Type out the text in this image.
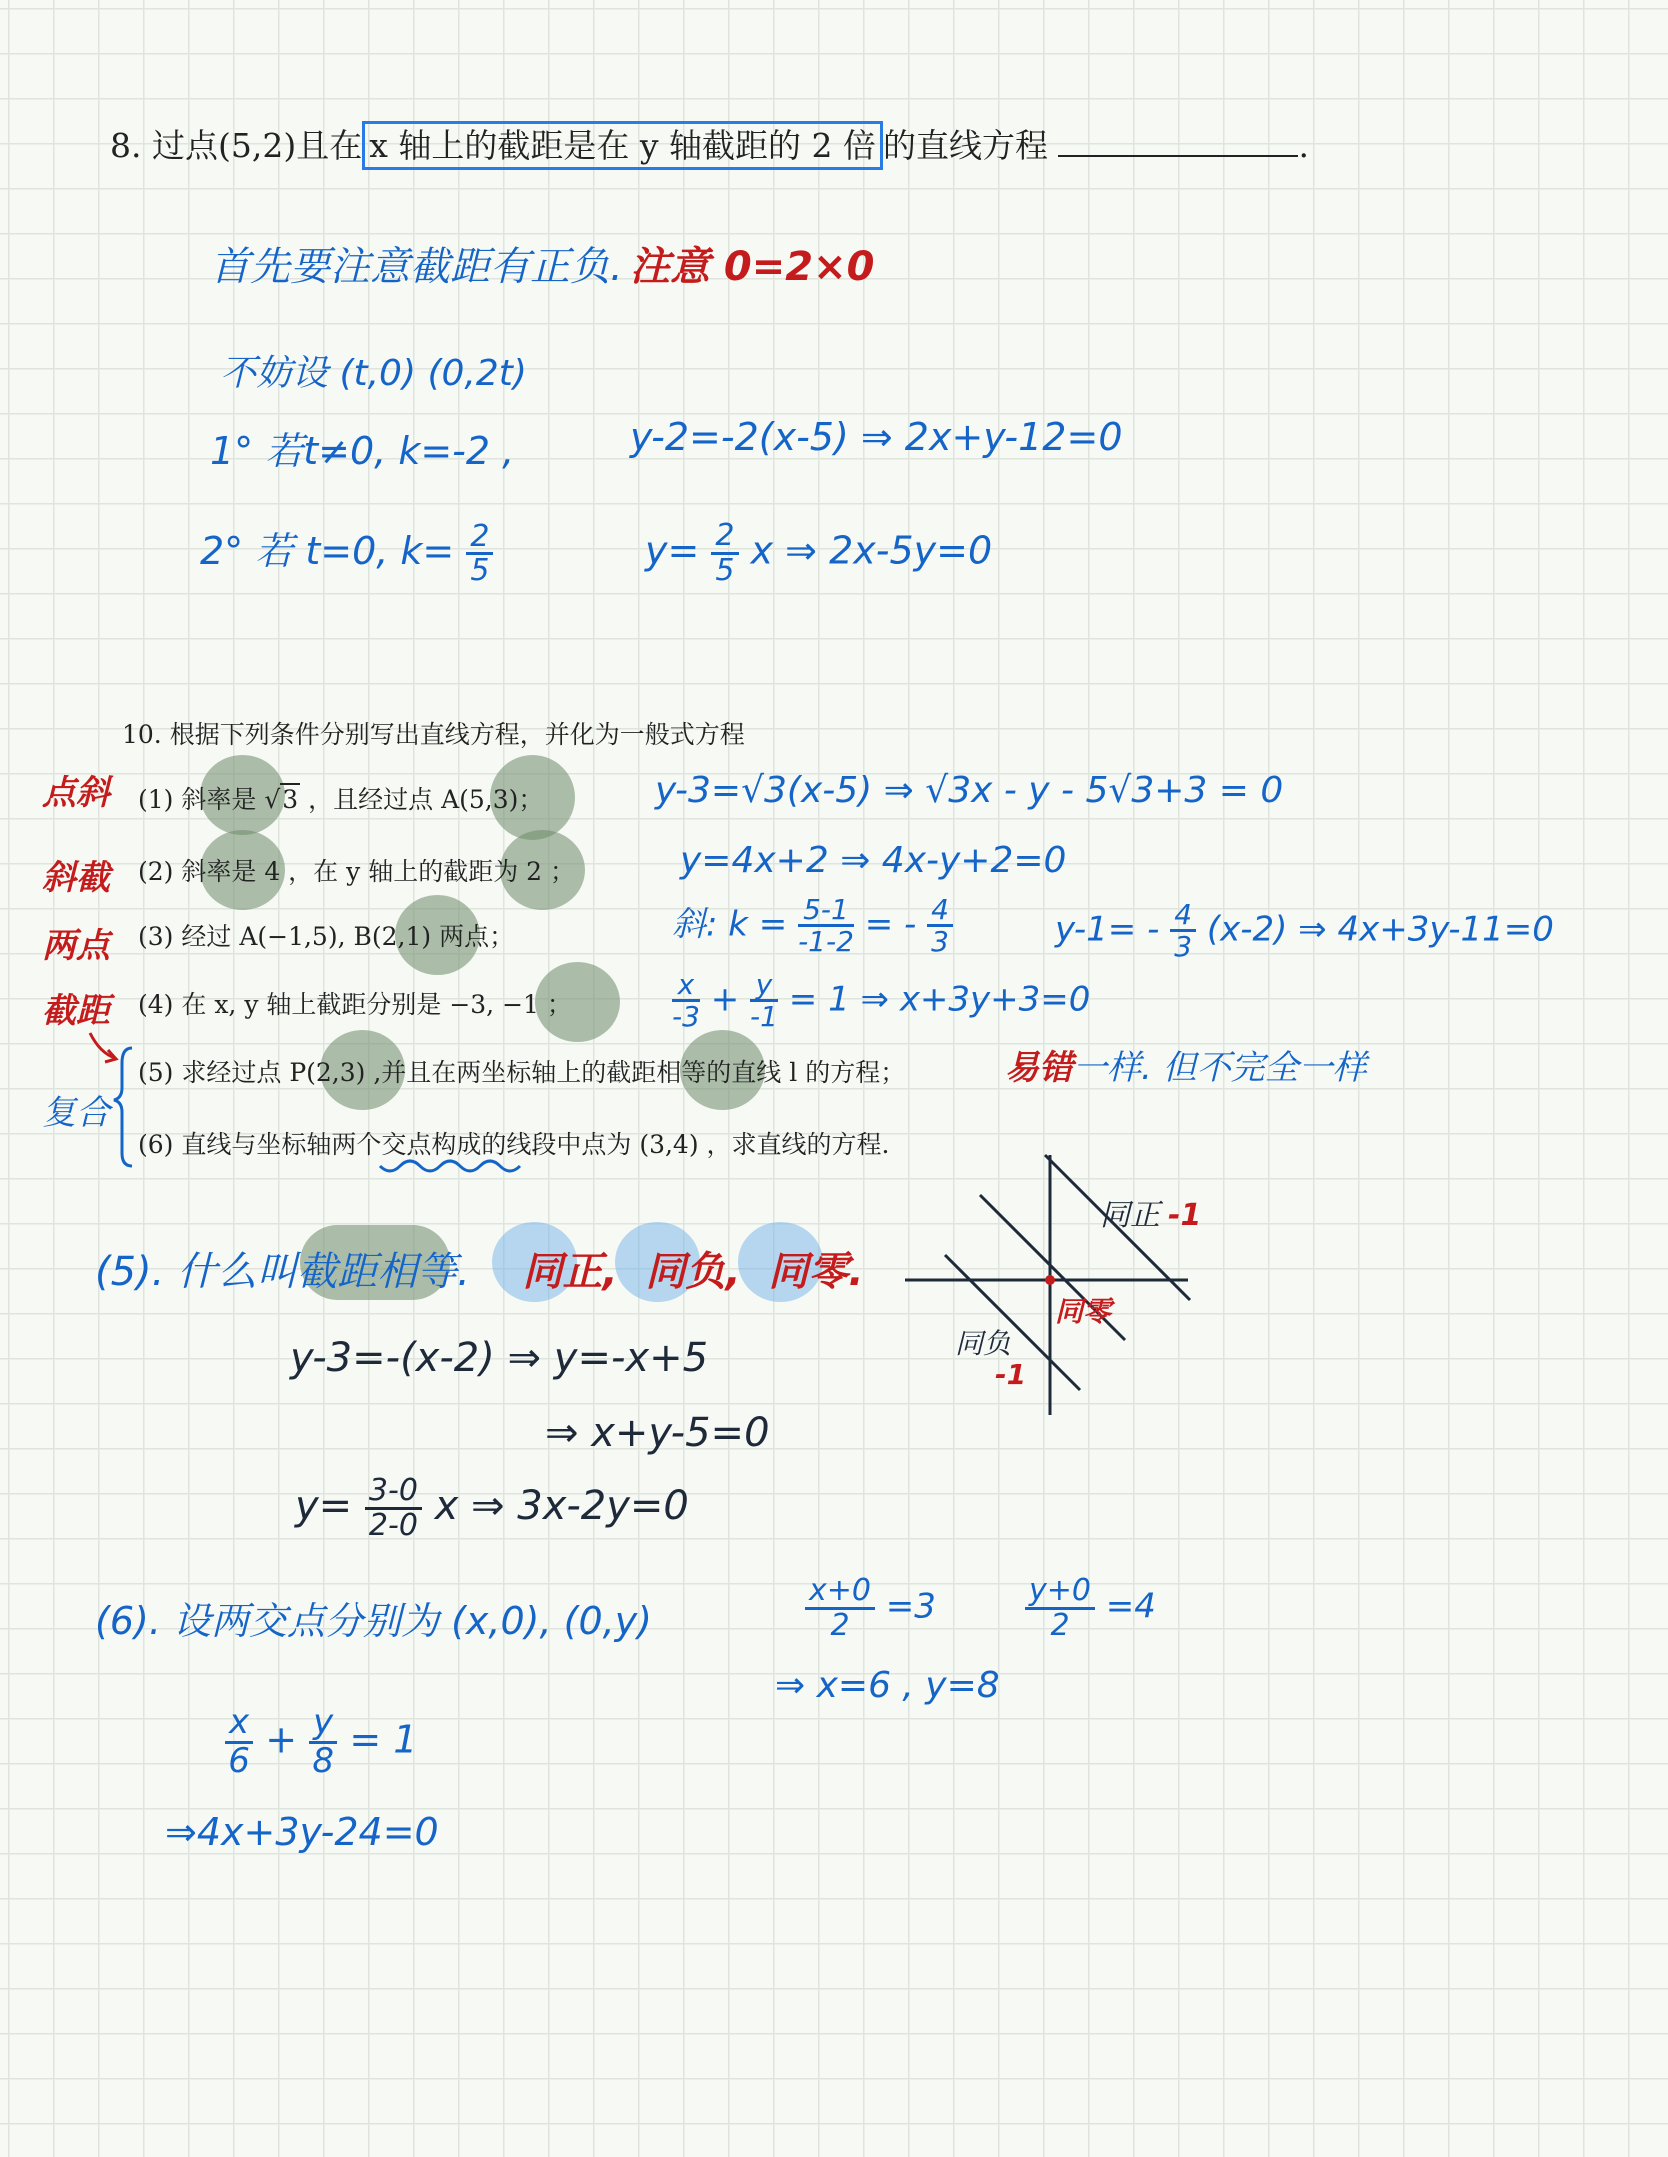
8. 过点(5,2)且在 x 轴上的截距是在 y 轴截距的 2 倍 的直线方程	.
首先要注意截距有正负. 注意 0=2×0
不妨设 (t,0) (0,2t)
1° 若t≠0, k=-2 ,	y-2=-2(x-5) ⇒ 2x+y-12=0
2° 若 t=0, $k= \frac{2}{5}$	$y= \frac{2}{5}$ x ⇒ 2x-5y=0
10. 根据下列条件分别写出直线方程，并化为一般式方程
点斜
斜截
两点
截距
复合
(1) 斜率是 √3 ，且经过点 A(5,3)；
(2) 斜率是 4 ，在 y 轴上的截距为 2 ；
(3) 经过 A(−1,5), B(2,1) 两点；
(4) 在 x, y 轴上截距分别是 −3, −1 ；
(5) 求经过点 P(2,3) ,并且在两坐标轴上的截距相等的直线 l 的方程；
(6) 直线与坐标轴两个交点构成的线段中点为 (3,4) ，求直线的方程.
y-3=√3(x-5) ⇒ √3x - y - 5√3+3 = 0
y=4x+2 ⇒ 4x-y+2=0
斜: $k = \frac{5-1}{-1-2}$ = - $\frac{4}{3}$	$y-1= - \frac{4}{3} (x-2)$ ⇒ 4x+3y-11=0
$\frac{x}{-3} + \frac{y}{-1} = 1$ ⇒ x+3y+3=0
易错一样. 但不完全一样
(5). 什么叫截距相等. 同正, 同负, 同零.
y-3=-(x-2) ⇒ y=-x+5
⇒ x+y-5=0
$y= \frac{3-0}{2-0}$ x ⇒ 3x-2y=0
同正 -1
同零
同负
-1
(6). 设两交点分别为 (x,0), (0,y)	$\frac{x+0}{2} =3$	$\frac{y+0}{2} =4$
⇒ x=6 , y=8
$\frac{x}{6} + \frac{y}{8} = 1$
⇒4x+3y-24=0
